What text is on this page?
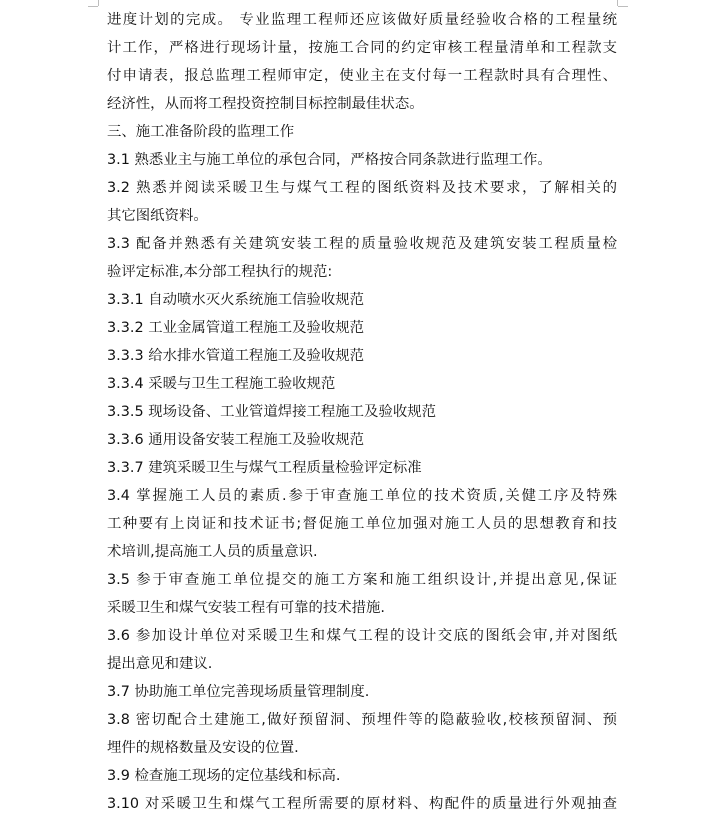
进度计划的完成。 专业监理工程师还应该做好质量经验收合格的工程量统
计工作，严格进行现场计量，按施工合同的约定审核工程量清单和工程款支
付申请表，报总监理工程师审定，使业主在支付每一工程款时具有合理性、
经济性，从而将工程投资控制目标控制最佳状态。
三、施工准备阶段的监理工作
3.1 熟悉业主与施工单位的承包合同，严格按合同条款进行监理工作。
3.2 熟悉并阅读采暖卫生与煤气工程的图纸资料及技术要求，了解相关的
其它图纸资料。
3.3 配备并熟悉有关建筑安装工程的质量验收规范及建筑安装工程质量检
验评定标准,本分部工程执行的规范:
3.3.1 自动喷水灭火系统施工信验收规范
3.3.2 工业金属管道工程施工及验收规范
3.3.3 给水排水管道工程施工及验收规范
3.3.4 采暖与卫生工程施工验收规范
3.3.5 现场设备、工业管道焊接工程施工及验收规范
3.3.6 通用设备安装工程施工及验收规范
3.3.7 建筑采暖卫生与煤气工程质量检验评定标准
3.4 掌握施工人员的素质.参于审查施工单位的技术资质,关健工序及特殊
工种要有上岗证和技术证书;督促施工单位加强对施工人员的思想教育和技
术培训,提高施工人员的质量意识.
3.5 参于审查施工单位提交的施工方案和施工组织设计,并提出意见,保证
采暖卫生和煤气安装工程有可靠的技术措施.
3.6 参加设计单位对采暖卫生和煤气工程的设计交底的图纸会审,并对图纸
提出意见和建议.
3.7 协助施工单位完善现场质量管理制度.
3.8 密切配合土建施工,做好预留洞、预埋件等的隐蔽验收,校核预留洞、预
埋件的规格数量及安设的位置.
3.9 检查施工现场的定位基线和标高.
3.10 对采暖卫生和煤气工程所需要的原材料、构配件的质量进行外观抽查
